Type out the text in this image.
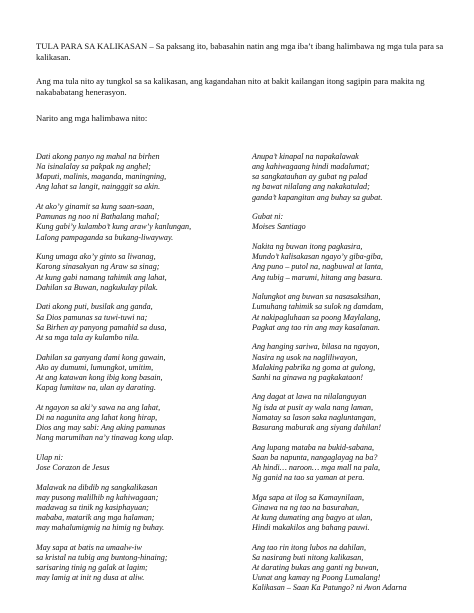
TULA PARA SA KALIKASAN – Sa paksang ito, babasahin natin ang mga iba’t ibang halimbawa ng mga tula para sa kalikasan.

Ang ma tula nito ay tungkol sa sa kalikasan, ang kagandahan nito at bakit kailangan itong sagipin para makita ng nakababatang henerasyon.

Narito ang mga halimbawa nito:

Dati akong panyo ng mahal na birhen
Na isinalalay sa pakpak ng anghel;
Maputi, malinis, maganda, maningning,
Ang lahat sa langit, naingggit sa akin.
At ako’y ginamit sa kung saan-saan,
Pamunas ng noo ni Bathalang mahal;
Kung gabi’y kulambo’t kung araw’y kanlungan,
Lalong pampaganda sa bukang-liwayway.
Kung umaga ako’y ginto sa liwanag,
Karong sinasakyan ng Araw sa sinag;
At kung gabi namang tahimik ang lahat,
Dahilan sa Buwan, nagkukulay pilak.
Dati akong puti, busilak ang ganda,
Sa Dios pamunas sa tuwi-tuwi na;
Sa Birhen ay panyong pamahid sa dusa,
At sa mga tala ay kulambo nila.
Dahilan sa ganyang dami kong gawain,
Ako ay dumumi, lumungkot, umitim,
At ang katawan kong ibig kong basain,
Kapag lumitaw na, ulan ay darating.
At ngayon sa aki’y sawa na ang lahat,
Di na nagunita ang lahat kong hirap,
Dios ang may sabi: Ang aking pamunas
Nang marumihan na’y tinawag kong ulap.
Ulap ni:
Jose Corazon de Jesus
Malawak na dibdib ng sangkalikasan
may pusong malilhib ng kahiwagaan;
madawag sa tinik ng kasiphayuan;
mababa, matarik ang mga halaman;
may mahalumigmig na himig ng buhay.
May sapa at batis na umaalw-iw
sa kristal na tubig ang buntong-hinaing;
sarisaring tinig ng galak at lagim;
may lamig at init ng dusa at aliw.
Anupa’t kinapal na napakalawak
ang kahiwagaang hindi madalumat;
sa sangkatauhan ay gubat ng palad
ng bawat nilalang ang nakakatulad;
ganda’t kapangitan ang buhay sa gubat.
Gubat ni:
Moises Santiago
Nakita ng buwan itong pagkasira,
Mundo’t kalisakasan ngayo’y giba-giba,
Ang puno – putol na, nagbuwal at lanta,
Ang tubig – marumi, hitang ang basura.
Nalungkot ang buwan sa nasasaksihan,
Lumuhang tahimik sa sulok ng damdam,
At nakipagluhaan sa poong Maylalang,
Pagkat ang tao rin ang may kasalanan.
Ang hanging sariwa, bilasa na ngayon,
Nasira ng usok na nagliliwayon,
Malaking pabrika ng goma at gulong,
Sanhi na ginawa ng pagkakataon!
Ang dagat at lawa na nilalanguyan
Ng isda at pusit ay wala nang laman,
Namatay sa lason saka nagluntangan,
Basurang maburak ang siyang dahilan!
Ang lupang mataba na bukid-sabana,
Saan ba napunta, nangaglayag na ba?
Ah hindi… naroon… mga mall na pala,
Ng ganid na tao sa yaman at pera.
Mga sapa at ilog sa Kamaynilaan,
Ginawa na ng tao na basurahan,
At kung dumating ang bagyo at ulan,
Hindi makakilos ang bahang pauwi.
Ang tao rin itong lubos na dahilan,
Sa nasirang buti nitong kalikasan,
At darating bukas ang ganti ng buwan,
Uunat ang kamay ng Poong Lumalang!
Kalikasan – Saan Ka Patungo? ni Avon Adarna
